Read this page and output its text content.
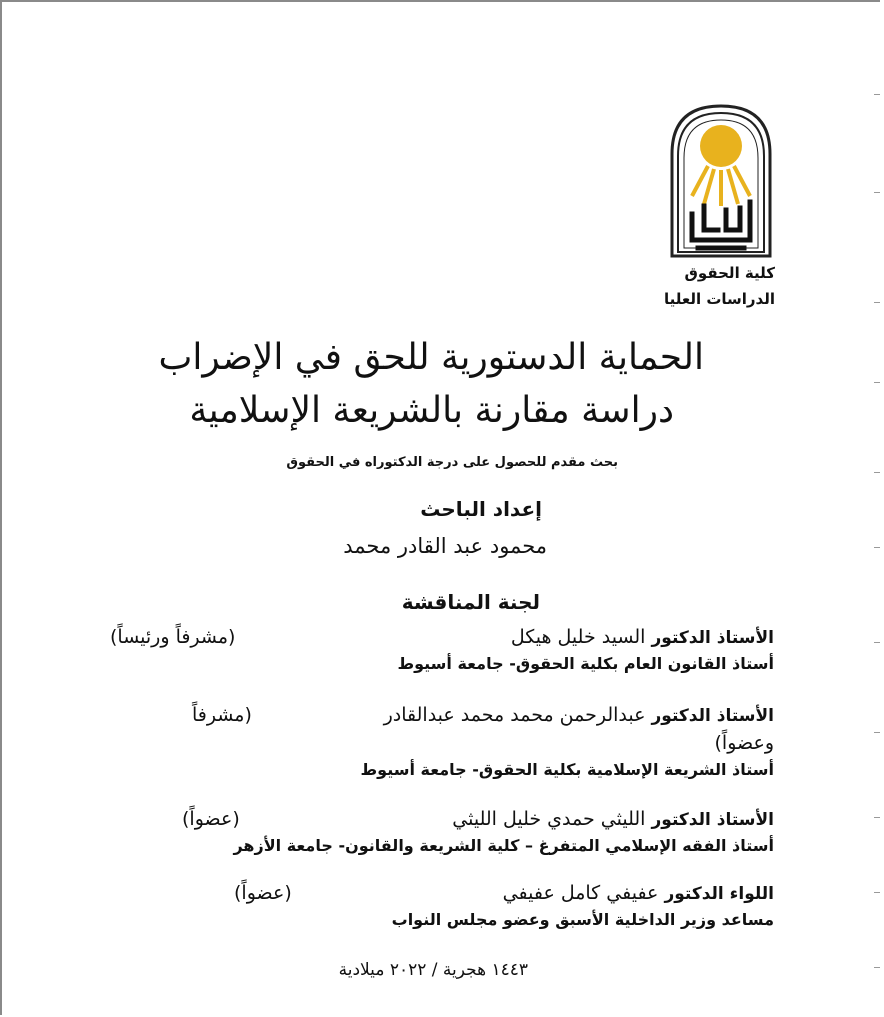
كلية الحقوق
الدراسات العليا
الحماية الدستورية للحق في الإضراب
دراسة مقارنة بالشريعة الإسلامية
بحث مقدم للحصول على درجة الدكتوراه في الحقوق
إعداد الباحث
محمود عبد القادر محمد
لجنة المناقشة
الأستاذ الدكتور السيد خليل هيكل
(مشرفاً ورئيساً)
أستاذ القانون العام بكلية الحقوق- جامعة أسيوط
الأستاذ الدكتور عبدالرحمن محمد محمد عبدالقادر
(مشرفاً
وعضواً)
أستاذ الشريعة الإسلامية بكلية الحقوق- جامعة أسيوط
الأستاذ الدكتور الليثي حمدي خليل الليثي
(عضواً)
أستاذ الفقه الإسلامي المتفرغ – كلية الشريعة والقانون- جامعة الأزهر
اللواء الدكتور عفيفي كامل عفيفي
(عضواً)
مساعد وزير الداخلية الأسبق وعضو مجلس النواب
١٤٤٣ هجرية / ٢٠٢٢ ميلادية
